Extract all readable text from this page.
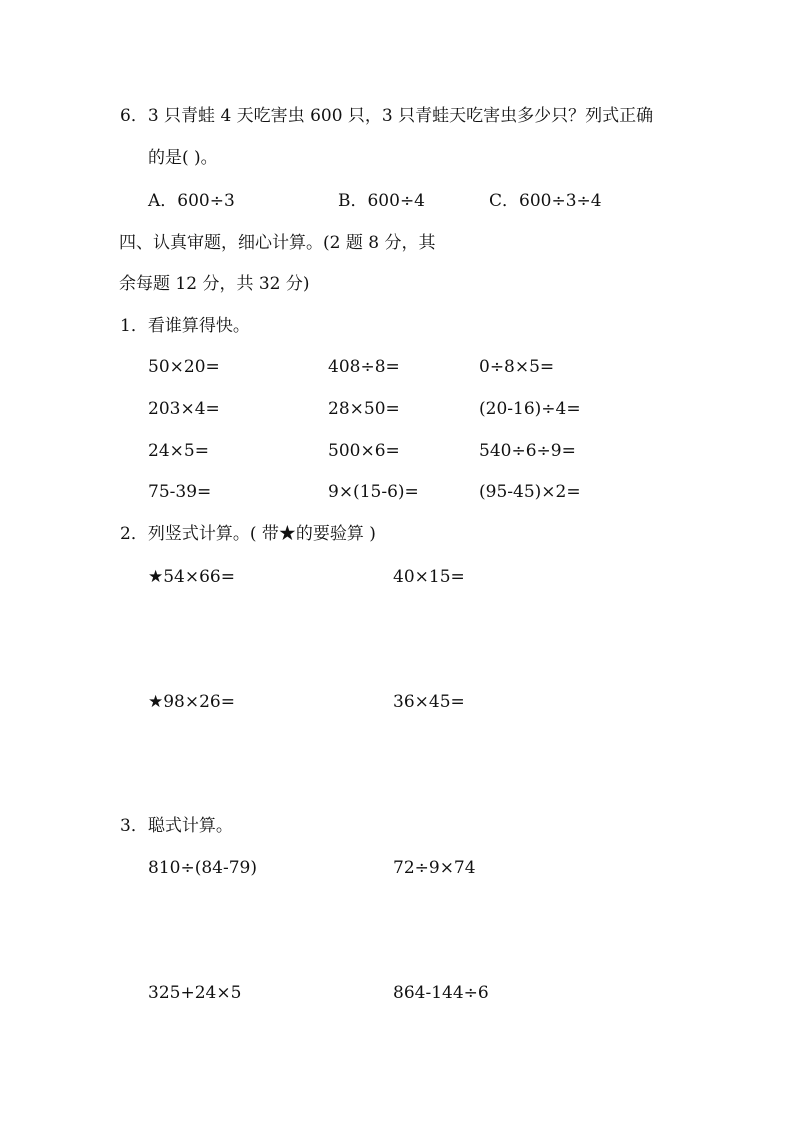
6．3 只青蛙 4 天吃害虫 600 只，3 只青蛙天吃害虫多少只？列式正确
的是( )。
A．600÷3	B．600÷4	C．600÷3÷4
四、认真审题，细心计算。(2 题 8 分，其
余每题 12 分，共 32 分)
1．看谁算得快。
50×20=	408÷8=	0÷8×5=
203×4=	28×50=	(20-16)÷4=
24×5=	500×6=	540÷6÷9=
75-39=	9×(15-6)=	(95-45)×2=
2．列竖式计算。( 带★的要验算 )
★54×66=	40×15=
★98×26=	36×45=
3．聪式计算。
810÷(84-79)	72÷9×74
325+24×5	864-144÷6
